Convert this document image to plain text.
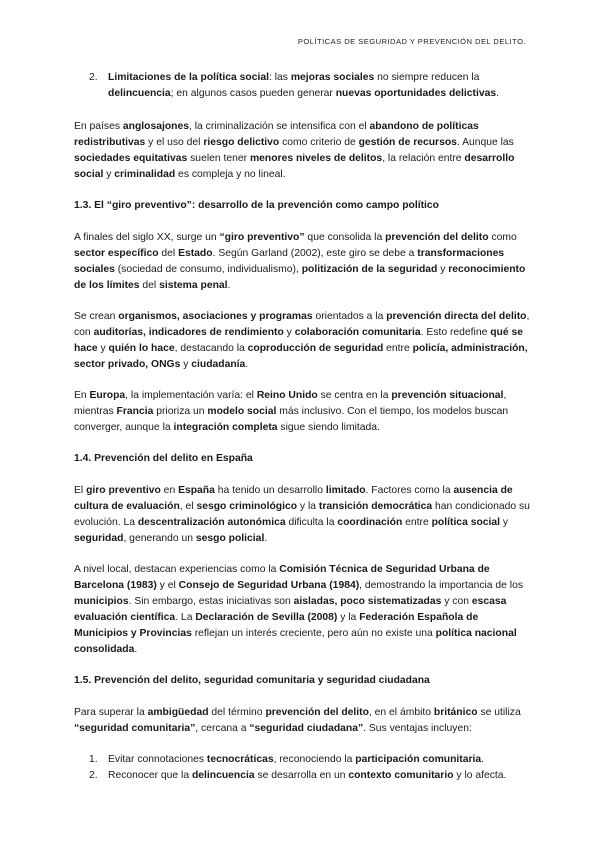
POLÍTICAS DE SEGURIDAD Y PREVENCIÓN DEL DELITO.
2. Limitaciones de la política social: las mejoras sociales no siempre reducen la delincuencia; en algunos casos pueden generar nuevas oportunidades delictivas.

En países anglosajones, la criminalización se intensifica con el abandono de políticas redistributivas y el uso del riesgo delictivo como criterio de gestión de recursos. Aunque las sociedades equitativas suelen tener menores niveles de delitos, la relación entre desarrollo social y criminalidad es compleja y no lineal.

1.3. El “giro preventivo”: desarrollo de la prevención como campo político

A finales del siglo XX, surge un “giro preventivo” que consolida la prevención del delito como sector específico del Estado. Según Garland (2002), este giro se debe a transformaciones sociales (sociedad de consumo, individualismo), politización de la seguridad y reconocimiento de los límites del sistema penal.

Se crean organismos, asociaciones y programas orientados a la prevención directa del delito, con auditorías, indicadores de rendimiento y colaboración comunitaria. Esto redefine qué se hace y quién lo hace, destacando la coproducción de seguridad entre policía, administración, sector privado, ONGs y ciudadanía.

En Europa, la implementación varía: el Reino Unido se centra en la prevención situacional, mientras Francia prioriza un modelo social más inclusivo. Con el tiempo, los modelos buscan converger, aunque la integración completa sigue siendo limitada.

1.4. Prevención del delito en España

El giro preventivo en España ha tenido un desarrollo limitado. Factores como la ausencia de cultura de evaluación, el sesgo criminológico y la transición democrática han condicionado su evolución. La descentralización autonómica dificulta la coordinación entre política social y seguridad, generando un sesgo policial.

A nivel local, destacan experiencias como la Comisión Técnica de Seguridad Urbana de Barcelona (1983) y el Consejo de Seguridad Urbana (1984), demostrando la importancia de los municipios. Sin embargo, estas iniciativas son aisladas, poco sistematizadas y con escasa evaluación científica. La Declaración de Sevilla (2008) y la Federación Española de Municipios y Provincias reflejan un interés creciente, pero aún no existe una política nacional consolidada.

1.5. Prevención del delito, seguridad comunitaria y seguridad ciudadana

Para superar la ambigüedad del término prevención del delito, en el ámbito británico se utiliza “seguridad comunitaria”, cercana a “seguridad ciudadana”. Sus ventajas incluyen:

1. Evitar connotaciones tecnocráticas, reconociendo la participación comunitaria.
2. Reconocer que la delincuencia se desarrolla en un contexto comunitario y lo afecta.
